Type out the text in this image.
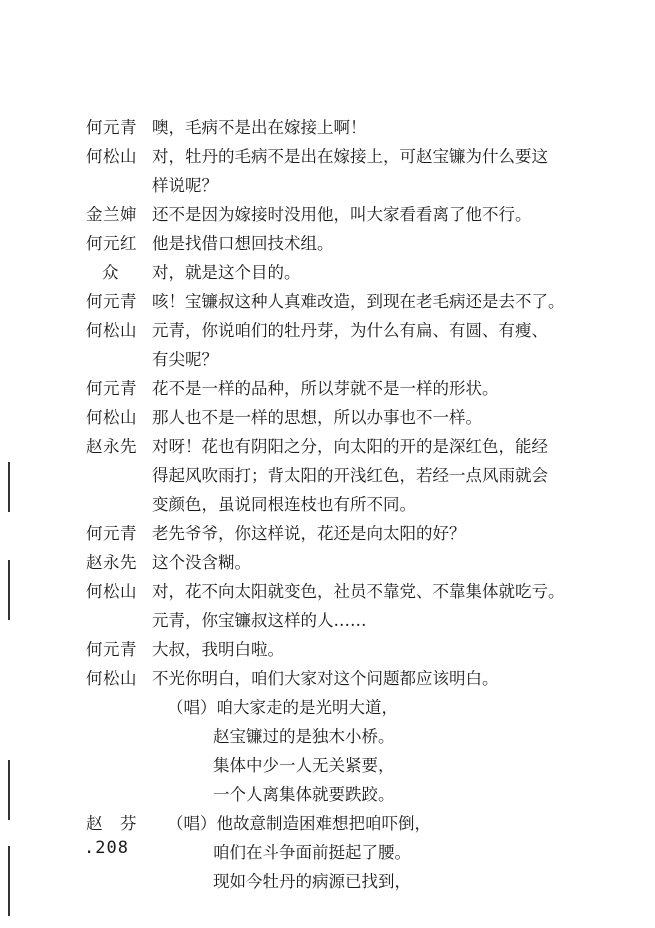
何元青 噢，毛病不是出在嫁接上啊！
何松山 对，牡丹的毛病不是出在嫁接上，可赵宝镰为什么要这
样说呢？
金兰婶 还不是因为嫁接时没用他，叫大家看看离了他不行。
何元红 他是找借口想回技术组。
众	对，就是这个目的。
何元青 咳！宝镰叔这种人真难改造，到现在老毛病还是去不了。
何松山 元青，你说咱们的牡丹芽，为什么有扁、有圆、有瘦、
有尖呢？
何元青 花不是一样的品种，所以芽就不是一样的形状。
何松山 那人也不是一样的思想，所以办事也不一样。
赵永先 对呀！花也有阴阳之分，向太阳的开的是深红色，能经
得起风吹雨打；背太阳的开浅红色，若经一点风雨就会
变颜色，虽说同根连枝也有所不同。
何元青 老先爷爷，你这样说，花还是向太阳的好？
赵永先 这个没含糊。
何松山 对，花不向太阳就变色，社员不靠党、不靠集体就吃亏。
元青，你宝镰叔这样的人……
何元青 大叔，我明白啦。
何松山 不光你明白，咱们大家对这个问题都应该明白。
（唱）咱大家走的是光明大道，
赵宝镰过的是独木小桥。
集体中少一人无关紧要，
一个人离集体就要跌跤。
赵　芬	（唱）他故意制造困难想把咱吓倒，
咱们在斗争面前挺起了腰。
现如今牡丹的病源已找到，
.208
